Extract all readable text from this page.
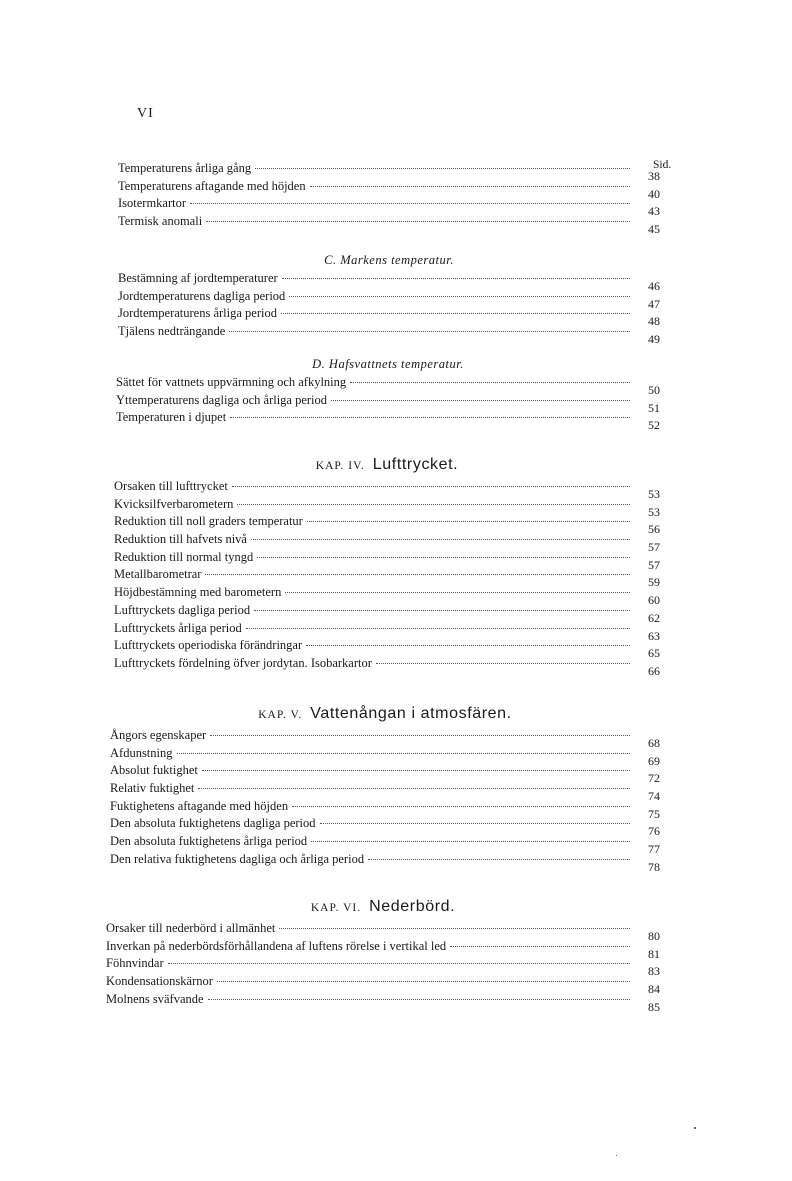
VI
Sid.
Temperaturens årliga gång
38
Temperaturens aftagande med höjden
40
Isotermkartor
43
Termisk anomali
45
C. Markens temperatur.
Bestämning af jordtemperaturer
46
Jordtemperaturens dagliga period
47
Jordtemperaturens årliga period
48
Tjälens nedträngande
49
D. Hafsvattnets temperatur.
Sättet för vattnets uppvärmning och afkylning
50
Yttemperaturens dagliga och årliga period
51
Temperaturen i djupet
52
KAP. IV. Lufttrycket.
Orsaken till lufttrycket
53
Kvicksilfverbarometern
53
Reduktion till noll graders temperatur
56
Reduktion till hafvets nivå
57
Reduktion till normal tyngd
57
Metallbarometrar
59
Höjdbestämning med barometern
60
Lufttryckets dagliga period
62
Lufttryckets årliga period
63
Lufttryckets operiodiska förändringar
65
Lufttryckets fördelning öfver jordytan. Isobarkartor
66
KAP. V. Vattenångan i atmosfären.
Ångors egenskaper
68
Afdunstning
69
Absolut fuktighet
72
Relativ fuktighet
74
Fuktighetens aftagande med höjden
75
Den absoluta fuktighetens dagliga period
76
Den absoluta fuktighetens årliga period
77
Den relativa fuktighetens dagliga och årliga period
78
KAP. VI. Nederbörd.
Orsaker till nederbörd i allmänhet
80
Inverkan på nederbördsförhållandena af luftens rörelse i vertikal led
81
Föhnvindar
83
Kondensationskärnor
84
Molnens sväfvande
85
